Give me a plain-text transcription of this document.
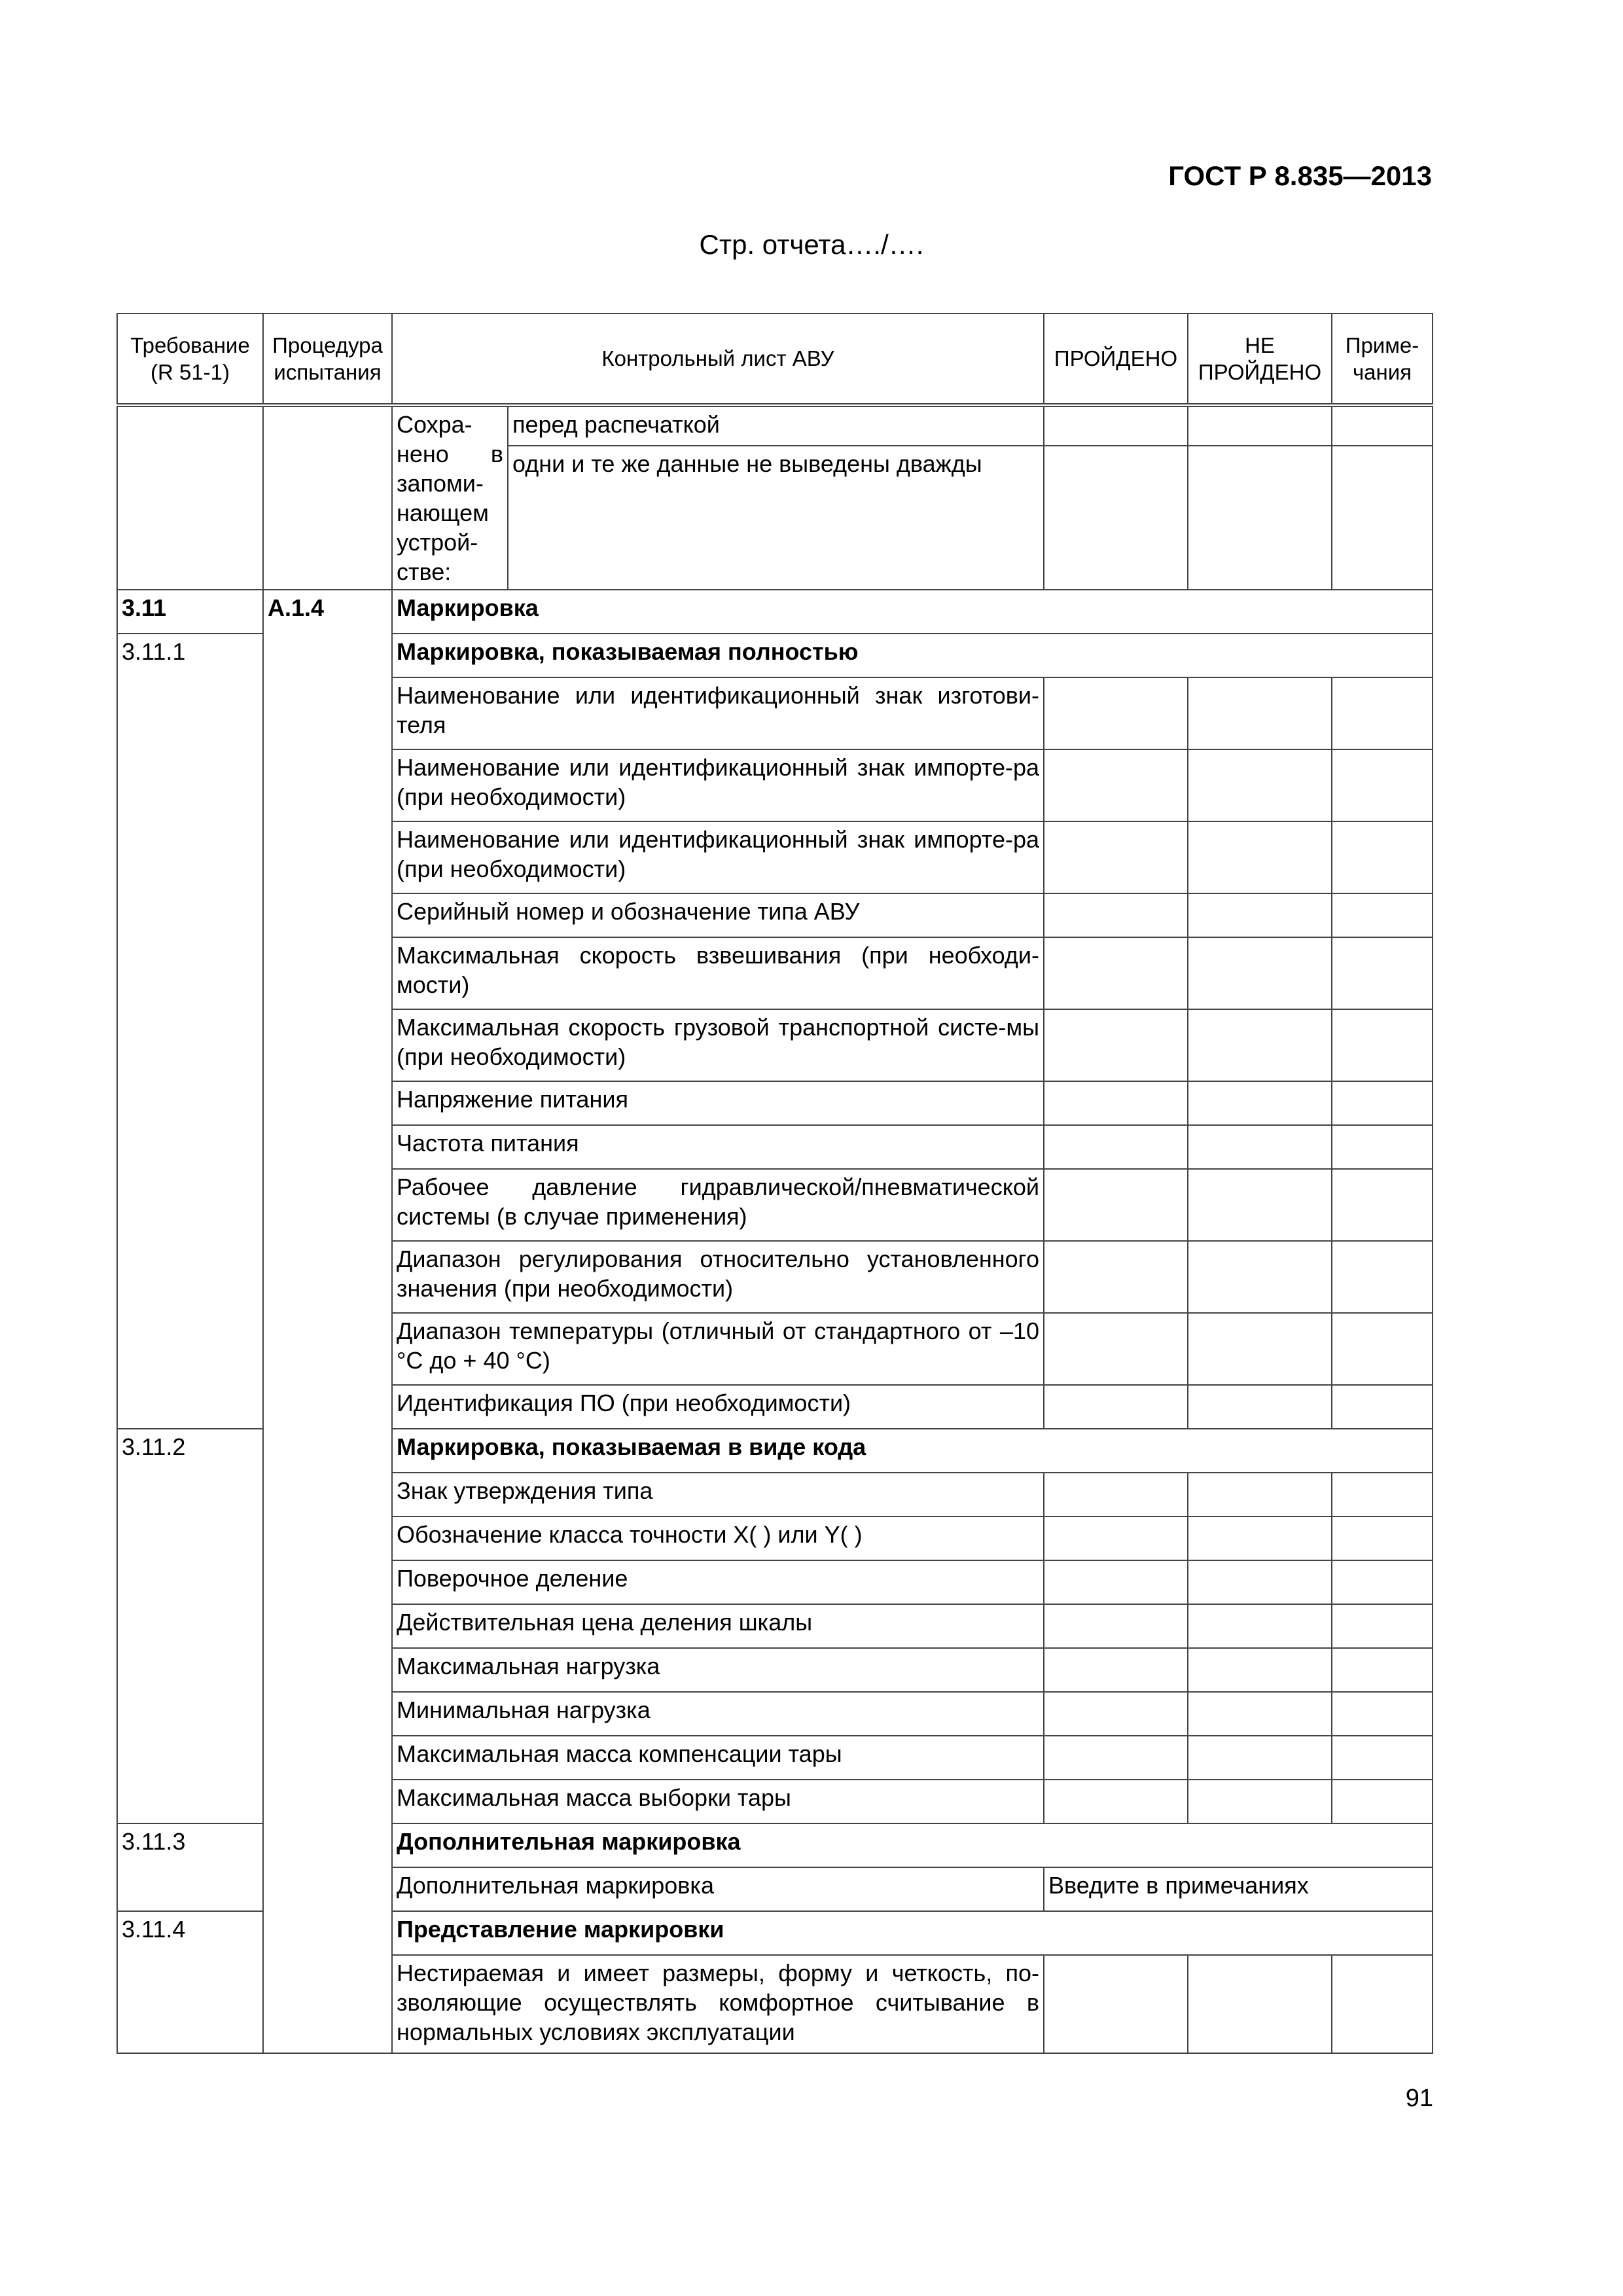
ГОСТ Р 8.835—2013
Стр. отчета…./….
Требование (R 51-1)	Процедура испытания	Контрольный лист АВУ		ПРОЙДЕНО	НЕ ПРОЙДЕНО	Приме-чания
		Сохра-нено в запоми-нающем устрой-стве:	перед распечаткой			
			одни и те же данные не выведены дважды			
3.11	A.1.4	Маркировка				
3.11.1		Маркировка, показываемая полностью				
		Наименование или идентификационный знак изготови-теля				
		Наименование или идентификационный знак импорте-ра (при необходимости)				
		Наименование или идентификационный знак импорте-ра (при необходимости)				
		Серийный номер и обозначение типа АВУ				
		Максимальная скорость взвешивания (при необходи-мости)				
		Максимальная скорость грузовой транспортной систе-мы (при необходимости)				
		Напряжение питания				
		Частота питания				
		Рабочее давление гидравлической/пневматической системы (в случае применения)				
		Диапазон регулирования относительно установленного значения (при необходимости)				
		Диапазон температуры (отличный от стандартного от –10 °С до + 40 °С)				
		Идентификация ПО (при необходимости)				
3.11.2		Маркировка, показываемая в виде кода				
		Знак утверждения типа				
		Обозначение класса точности X( ) или Y( )				
		Поверочное деление				
		Действительная цена деления шкалы				
		Максимальная нагрузка				
		Минимальная нагрузка				
		Максимальная масса компенсации тары				
		Максимальная масса выборки тары				
3.11.3		Дополнительная маркировка				
		Дополнительная маркировка		Введите в примечаниях		
3.11.4		Представление маркировки				
		Нестираемая и имеет размеры, форму и четкость, по-зволяющие осуществлять комфортное считывание в нормальных условиях эксплуатации				
91
